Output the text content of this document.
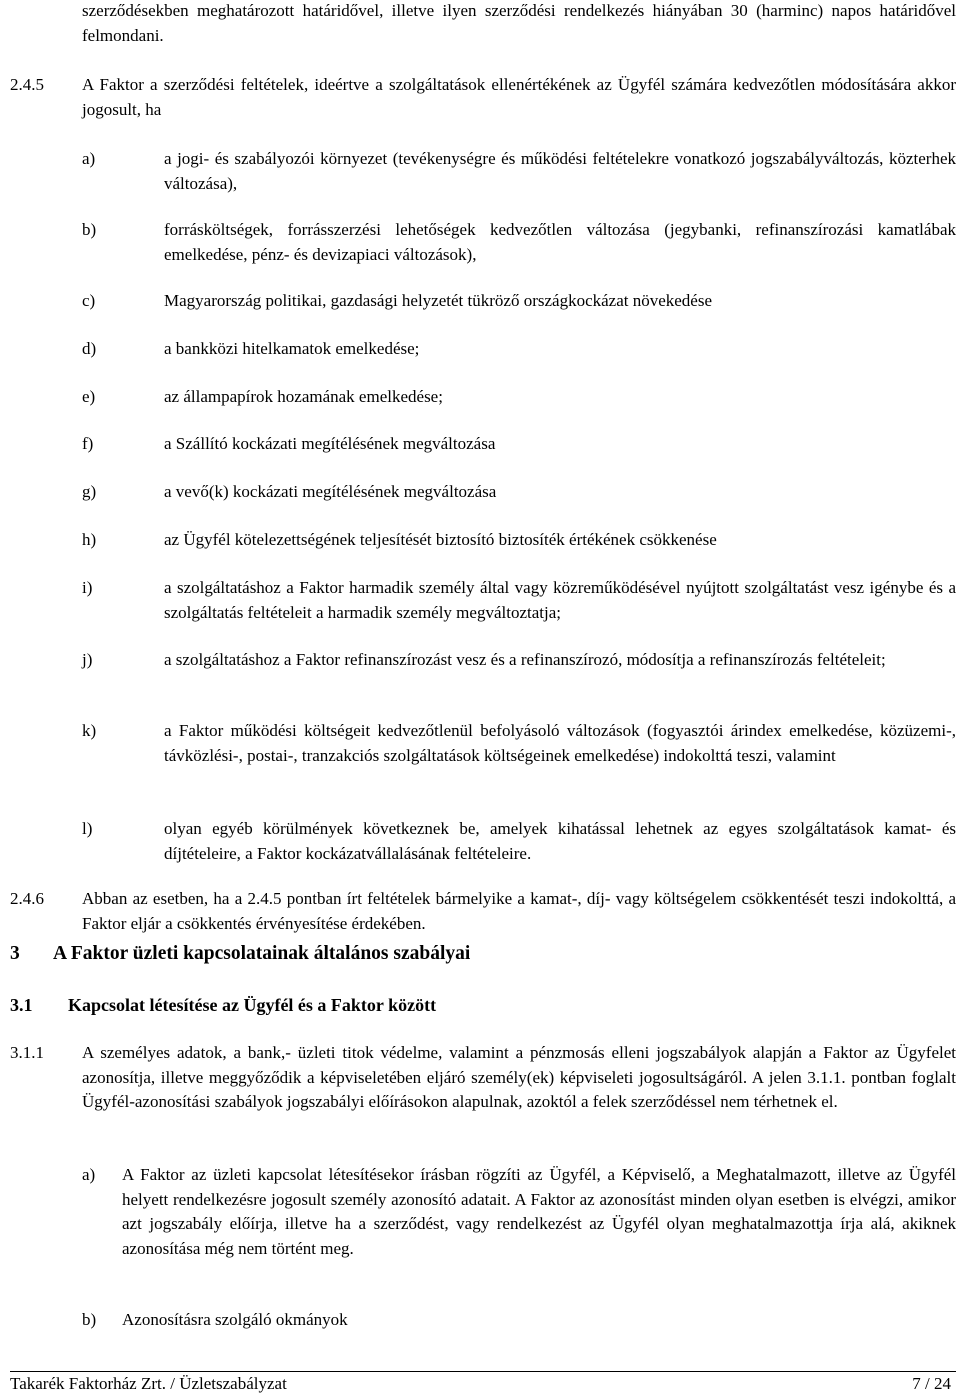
szerződésekben meghatározott határidővel, illetve ilyen szerződési rendelkezés hiányában 30 (harminc) napos határidővel felmondani.
2.4.5 A Faktor a szerződési feltételek, ideértve a szolgáltatások ellenértékének az Ügyfél számára kedvezőtlen módosítására akkor jogosult, ha
a)	a jogi- és szabályozói környezet (tevékenységre és működési feltételekre vonatkozó jogszabályváltozás, közterhek változása),
b)	forrásköltségek, forrásszerzési lehetőségek kedvezőtlen változása (jegybanki, refinanszírozási kamatlábak emelkedése, pénz- és devizapiaci változások),
c)	Magyarország politikai, gazdasági helyzetét tükröző országkockázat növekedése
d)	a bankközi hitelkamatok emelkedése;
e)	az állampapírok hozamának emelkedése;
f)	a Szállító kockázati megítélésének megváltozása
g)	a vevő(k) kockázati megítélésének megváltozása
h)	az Ügyfél kötelezettségének teljesítését biztosító biztosíték értékének csökkenése
i)	a szolgáltatáshoz a Faktor harmadik személy által vagy közreműködésével nyújtott szolgáltatást vesz igénybe és a szolgáltatás feltételeit a harmadik személy megváltoztatja;
j)	a szolgáltatáshoz a Faktor refinanszírozást vesz és a refinanszírozó, módosítja a refinanszírozás feltételeit;
k)	a Faktor működési költségeit kedvezőtlenül befolyásoló változások (fogyasztói árindex emelkedése, közüzemi-, távközlési-, postai-, tranzakciós szolgáltatások költségeinek emelkedése) indokolttá teszi, valamint
l)	olyan egyéb körülmények következnek be, amelyek kihatással lehetnek az egyes szolgáltatások kamat- és díjtételeire, a Faktor kockázatvállalásának feltételeire.
2.4.6 Abban az esetben, ha a 2.4.5 pontban írt feltételek bármelyike a kamat-, díj- vagy költségelem csökkentését teszi indokolttá, a Faktor eljár a csökkentés érvényesítése érdekében.
3 A Faktor üzleti kapcsolatainak általános szabályai
3.1 Kapcsolat létesítése az Ügyfél és a Faktor között
3.1.1 A személyes adatok, a bank,- üzleti titok védelme, valamint a pénzmosás elleni jogszabályok alapján a Faktor az Ügyfelet azonosítja, illetve meggyőződik a képviseletében eljáró személy(ek) képviseleti jogosultságáról. A jelen 3.1.1. pontban foglalt Ügyfél-azonosítási szabályok jogszabályi előírásokon alapulnak, azoktól a felek szerződéssel nem térhetnek el.
a) A Faktor az üzleti kapcsolat létesítésekor írásban rögzíti az Ügyfél, a Képviselő, a Meghatalmazott, illetve az Ügyfél helyett rendelkezésre jogosult személy azonosító adatait. A Faktor az azonosítást minden olyan esetben is elvégzi, amikor azt jogszabály előírja, illetve ha a szerződést, vagy rendelkezést az Ügyfél olyan meghatalmazottja írja alá, akiknek azonosítása még nem történt meg.
b) Azonosításra szolgáló okmányok
Takarék Faktorház Zrt. / Üzletszabályzat	7 / 24
